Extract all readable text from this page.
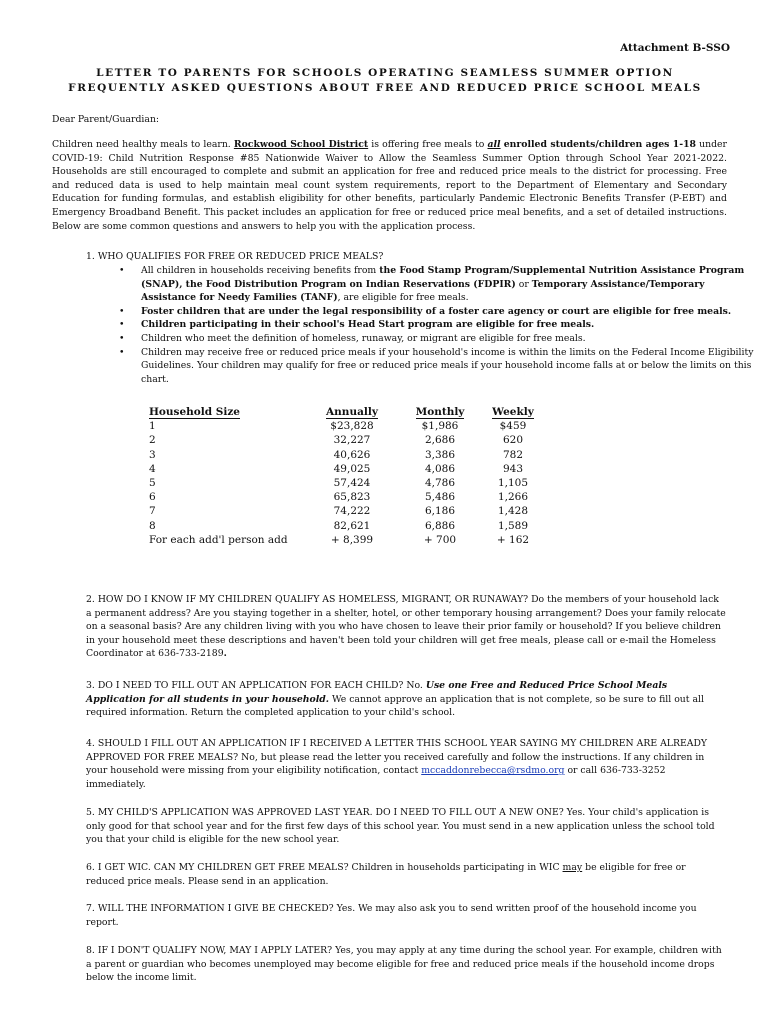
Attachment B-SSO
LETTER TO PARENTS FOR SCHOOLS OPERATING SEAMLESS SUMMER OPTION
FREQUENTLY ASKED QUESTIONS ABOUT FREE AND REDUCED PRICE SCHOOL MEALS
Dear Parent/Guardian:
Children need healthy meals to learn. Rockwood School District is offering free meals to all enrolled students/children ages 1-18 under COVID-19: Child Nutrition Response #85 Nationwide Waiver to Allow the Seamless Summer Option through School Year 2021-2022. Households are still encouraged to complete and submit an application for free and reduced price meals to the district for processing. Free and reduced data is used to help maintain meal count system requirements, report to the Department of Elementary and Secondary Education for funding formulas, and establish eligibility for other benefits, particularly Pandemic Electronic Benefits Transfer (P-EBT) and Emergency Broadband Benefit. This packet includes an application for free or reduced price meal benefits, and a set of detailed instructions. Below are some common questions and answers to help you with the application process.
1. WHO QUALIFIES FOR FREE OR REDUCED PRICE MEALS?
• All children in households receiving benefits from the Food Stamp Program/Supplemental Nutrition Assistance Program (SNAP), the Food Distribution Program on Indian Reservations (FDPIR) or Temporary Assistance/Temporary Assistance for Needy Families (TANF), are eligible for free meals.
• Foster children that are under the legal responsibility of a foster care agency or court are eligible for free meals.
• Children participating in their school's Head Start program are eligible for free meals.
• Children who meet the definition of homeless, runaway, or migrant are eligible for free meals.
• Children may receive free or reduced price meals if your household's income is within the limits on the Federal Income Eligibility Guidelines. Your children may qualify for free or reduced price meals if your household income falls at or below the limits on this chart.
Household Size	Annually	Monthly	Weekly
1	$23,828	$1,986	$459
2	32,227	2,686	620
3	40,626	3,386	782
4	49,025	4,086	943
5	57,424	4,786	1,105
6	65,823	5,486	1,266
7	74,222	6,186	1,428
8	82,621	6,886	1,589
For each add'l person add	+ 8,399	+ 700	+ 162
2. HOW DO I KNOW IF MY CHILDREN QUALIFY AS HOMELESS, MIGRANT, OR RUNAWAY? Do the members of your household lack a permanent address? Are you staying together in a shelter, hotel, or other temporary housing arrangement? Does your family relocate on a seasonal basis? Are any children living with you who have chosen to leave their prior family or household? If you believe children in your household meet these descriptions and haven't been told your children will get free meals, please call or e-mail the Homeless Coordinator at 636-733-2189.
3. DO I NEED TO FILL OUT AN APPLICATION FOR EACH CHILD? No. Use one Free and Reduced Price School Meals Application for all students in your household. We cannot approve an application that is not complete, so be sure to fill out all required information. Return the completed application to your child's school.
4. SHOULD I FILL OUT AN APPLICATION IF I RECEIVED A LETTER THIS SCHOOL YEAR SAYING MY CHILDREN ARE ALREADY APPROVED FOR FREE MEALS? No, but please read the letter you received carefully and follow the instructions. If any children in your household were missing from your eligibility notification, contact mccaddonrebecca@rsdmo.org or call 636-733-3252 immediately.
5. MY CHILD'S APPLICATION WAS APPROVED LAST YEAR. DO I NEED TO FILL OUT A NEW ONE? Yes. Your child's application is only good for that school year and for the first few days of this school year. You must send in a new application unless the school told you that your child is eligible for the new school year.
6. I GET WIC. CAN MY CHILDREN GET FREE MEALS? Children in households participating in WIC may be eligible for free or reduced price meals. Please send in an application.
7. WILL THE INFORMATION I GIVE BE CHECKED? Yes. We may also ask you to send written proof of the household income you report.
8. IF I DON'T QUALIFY NOW, MAY I APPLY LATER? Yes, you may apply at any time during the school year. For example, children with a parent or guardian who becomes unemployed may become eligible for free and reduced price meals if the household income drops below the income limit.
